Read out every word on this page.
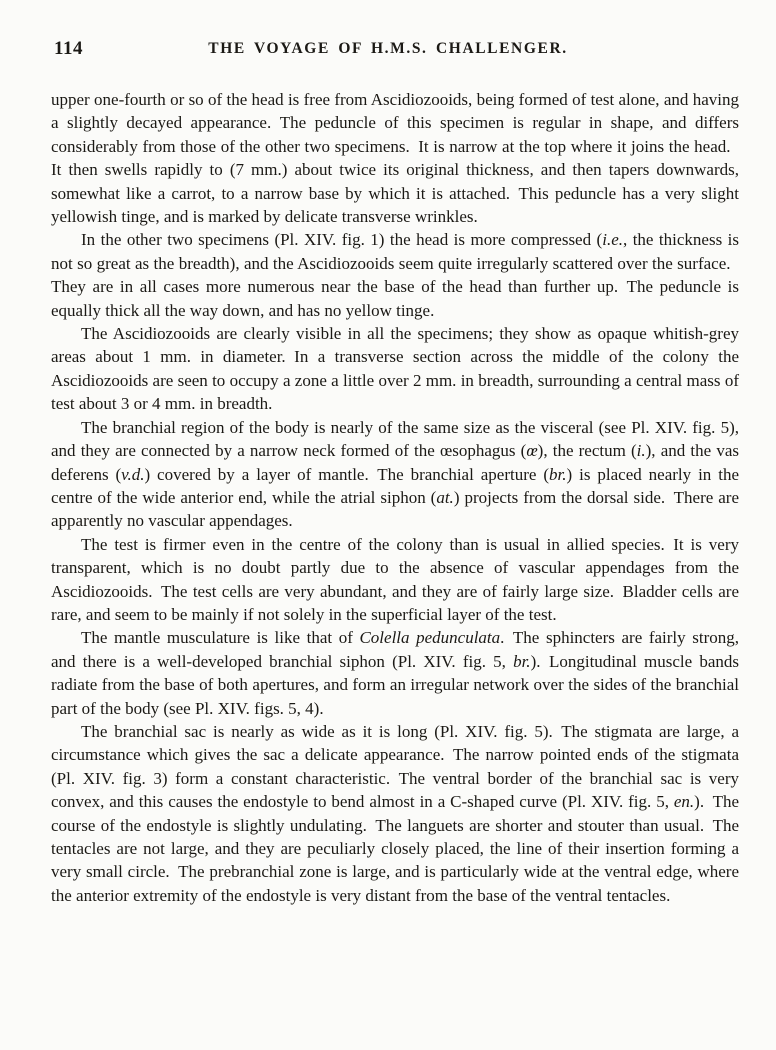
114	THE VOYAGE OF H.M.S. CHALLENGER.

upper one-fourth or so of the head is free from Ascidiozooids, being formed of test alone, and having a slightly decayed appearance. The peduncle of this specimen is regular in shape, and differs considerably from those of the other two specimens. It is narrow at the top where it joins the head. It then swells rapidly to (7 mm.) about twice its original thickness, and then tapers downwards, somewhat like a carrot, to a narrow base by which it is attached. This peduncle has a very slight yellowish tinge, and is marked by delicate transverse wrinkles.

In the other two specimens (Pl. XIV. fig. 1) the head is more compressed (i.e., the thickness is not so great as the breadth), and the Ascidiozooids seem quite irregularly scattered over the surface. They are in all cases more numerous near the base of the head than further up. The peduncle is equally thick all the way down, and has no yellow tinge.

The Ascidiozooids are clearly visible in all the specimens; they show as opaque whitish-grey areas about 1 mm. in diameter. In a transverse section across the middle of the colony the Ascidiozooids are seen to occupy a zone a little over 2 mm. in breadth, surrounding a central mass of test about 3 or 4 mm. in breadth.

The branchial region of the body is nearly of the same size as the visceral (see Pl. XIV. fig. 5), and they are connected by a narrow neck formed of the œsophagus (œ), the rectum (i.), and the vas deferens (v.d.) covered by a layer of mantle. The branchial aperture (br.) is placed nearly in the centre of the wide anterior end, while the atrial siphon (at.) projects from the dorsal side. There are apparently no vascular appendages.

The test is firmer even in the centre of the colony than is usual in allied species. It is very transparent, which is no doubt partly due to the absence of vascular appendages from the Ascidiozooids. The test cells are very abundant, and they are of fairly large size. Bladder cells are rare, and seem to be mainly if not solely in the superficial layer of the test.

The mantle musculature is like that of Colella pedunculata. The sphincters are fairly strong, and there is a well-developed branchial siphon (Pl. XIV. fig. 5, br.). Longitudinal muscle bands radiate from the base of both apertures, and form an irregular network over the sides of the branchial part of the body (see Pl. XIV. figs. 5, 4).

The branchial sac is nearly as wide as it is long (Pl. XIV. fig. 5). The stigmata are large, a circumstance which gives the sac a delicate appearance. The narrow pointed ends of the stigmata (Pl. XIV. fig. 3) form a constant characteristic. The ventral border of the branchial sac is very convex, and this causes the endostyle to bend almost in a C-shaped curve (Pl. XIV. fig. 5, en.). The course of the endostyle is slightly undulating. The languets are shorter and stouter than usual. The tentacles are not large, and they are peculiarly closely placed, the line of their insertion forming a very small circle. The prebranchial zone is large, and is particularly wide at the ventral edge, where the anterior extremity of the endostyle is very distant from the base of the ventral tentacles.
